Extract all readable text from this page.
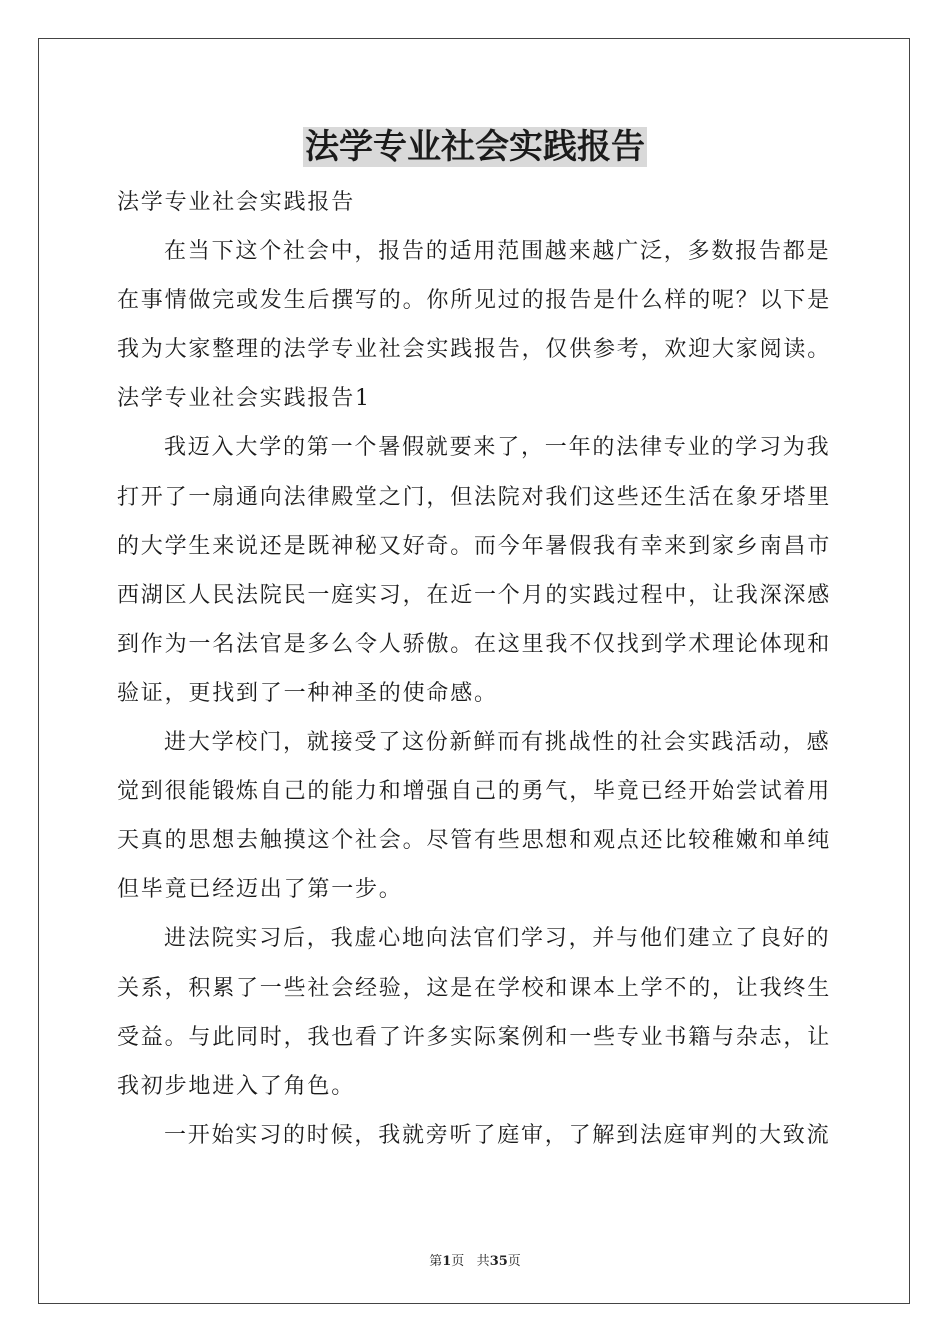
法学专业社会实践报告
法学专业社会实践报告
在当下这个社会中，报告的适用范围越来越广泛，多数报告都是
在事情做完或发生后撰写的。你所见过的报告是什么样的呢？以下是
我为大家整理的法学专业社会实践报告，仅供参考，欢迎大家阅读。
法学专业社会实践报告1
我迈入大学的第一个暑假就要来了，一年的法律专业的学习为我
打开了一扇通向法律殿堂之门，但法院对我们这些还生活在象牙塔里
的大学生来说还是既神秘又好奇。而今年暑假我有幸来到家乡南昌市
西湖区人民法院民一庭实习，在近一个月的实践过程中，让我深深感
到作为一名法官是多么令人骄傲。在这里我不仅找到学术理论体现和
验证，更找到了一种神圣的使命感。
进大学校门，就接受了这份新鲜而有挑战性的社会实践活动，感
觉到很能锻炼自己的能力和增强自己的勇气，毕竟已经开始尝试着用
天真的思想去触摸这个社会。尽管有些思想和观点还比较稚嫩和单纯
但毕竟已经迈出了第一步。
进法院实习后，我虚心地向法官们学习，并与他们建立了良好的
关系，积累了一些社会经验，这是在学校和课本上学不的，让我终生
受益。与此同时，我也看了许多实际案例和一些专业书籍与杂志，让
我初步地进入了角色。
一开始实习的时候，我就旁听了庭审，了解到法庭审判的大致流
第1页 共35页
